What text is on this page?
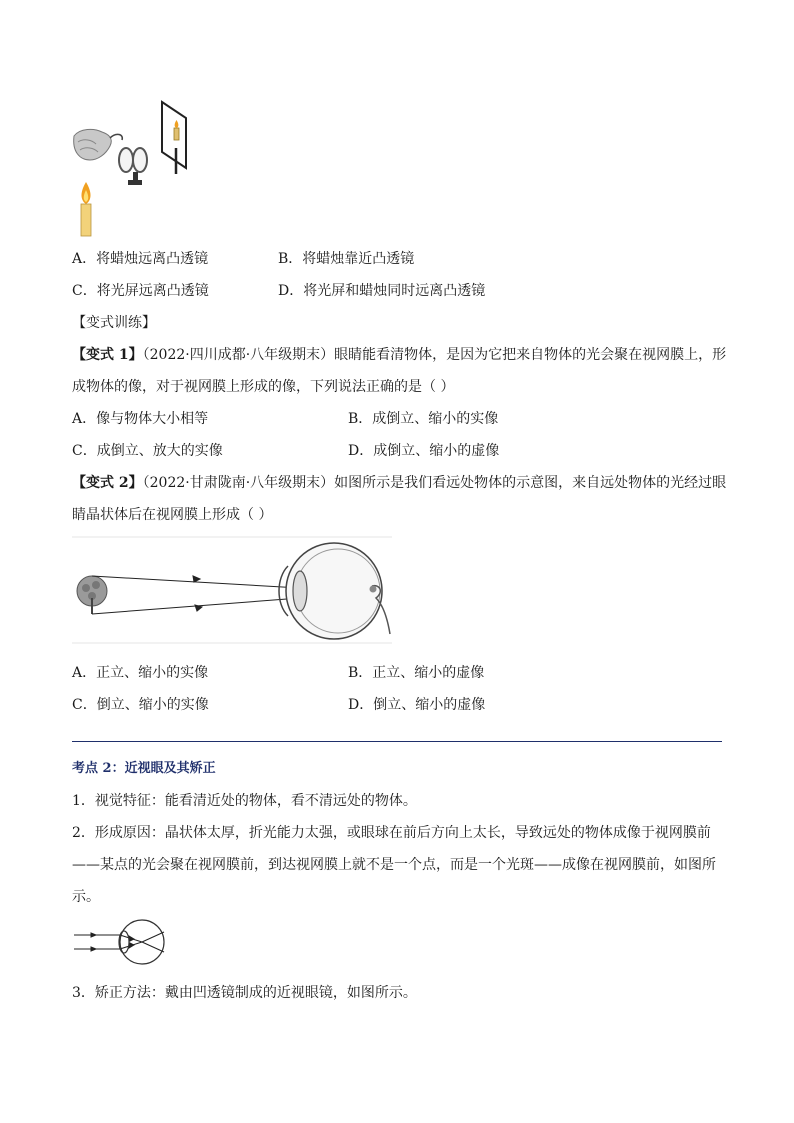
A．将蜡烛远离凸透镜	B．将蜡烛靠近凸透镜
C．将光屏远离凸透镜	D．将光屏和蜡烛同时远离凸透镜
【变式训练】
【变式 1】（2022·四川成都·八年级期末）眼睛能看清物体，是因为它把来自物体的光会聚在视网膜上，形
成物体的像，对于视网膜上形成的像，下列说法正确的是（ ）
A．像与物体大小相等	B．成倒立、缩小的实像
C．成倒立、放大的实像	D．成倒立、缩小的虚像
【变式 2】（2022·甘肃陇南·八年级期末）如图所示是我们看远处物体的示意图，来自远处物体的光经过眼
睛晶状体后在视网膜上形成（ ）
A．正立、缩小的实像	B．正立、缩小的虚像
C．倒立、缩小的实像	D．倒立、缩小的虚像
考点 2：近视眼及其矫正
1．视觉特征：能看清近处的物体，看不清远处的物体。
2．形成原因：晶状体太厚，折光能力太强，或眼球在前后方向上太长，导致远处的物体成像于视网膜前
——某点的光会聚在视网膜前，到达视网膜上就不是一个点，而是一个光斑——成像在视网膜前，如图所
示。
3．矫正方法：戴由凹透镜制成的近视眼镜，如图所示。
